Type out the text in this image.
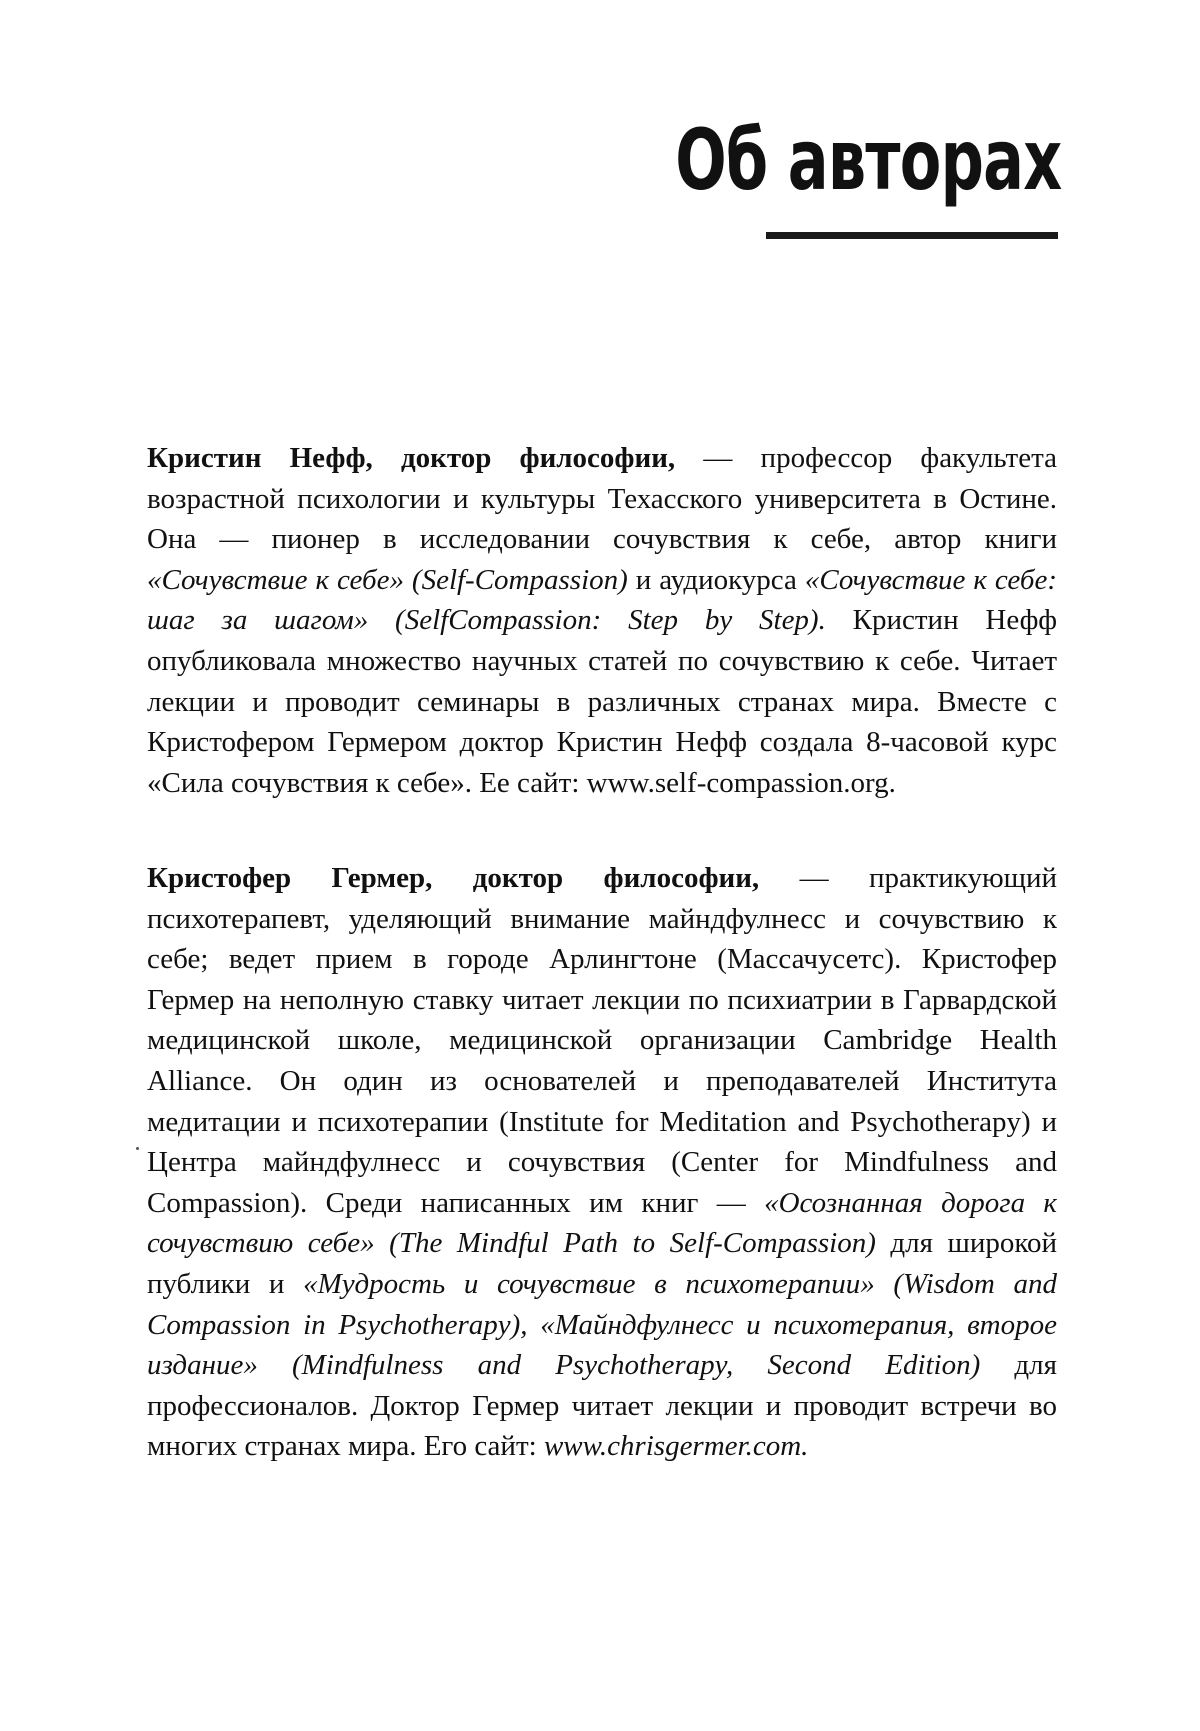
Об авторах

Кристин Нефф, доктор философии, — профессор факультета возрастной психологии и культуры Техасского университета в Остине. Она — пионер в исследовании сочувствия к себе, автор книги «Сочувствие к себе» (Self-Compassion) и аудиокурса «Сочувствие к себе: шаг за шагом» (SelfCompassion: Step by Step). Кристин Нефф опубликовала множество научных статей по сочувствию к себе. Читает лекции и проводит семинары в различных странах мира. Вместе с Кристофером Гермером доктор Кристин Нефф создала 8-часовой курс «Сила сочувствия к себе». Ее сайт: www.self-compassion.org.

Кристофер Гермер, доктор философии, — практикующий психотерапевт, уделяющий внимание майндфулнесс и сочувствию к себе; ведет прием в городе Арлингтоне (Массачусетс). Кристофер Гермер на неполную ставку читает лекции по психиатрии в Гарвардской медицинской школе, медицинской организации Cambridge Health Alliance. Он один из основателей и преподавателей Института медитации и психотерапии (Institute for Meditation and Psychotherapy) и Центра майндфулнесс и сочувствия (Center for Mindfulness and Compassion). Среди написанных им книг — «Осознанная дорога к сочувствию себе» (The Mindful Path to Self-Compassion) для широкой публики и «Мудрость и сочувствие в психотерапии» (Wisdom and Compassion in Psychotherapy), «Майндфулнесс и психотерапия, второе издание» (Mindfulness and Psychotherapy, Second Edition) для профессионалов. Доктор Гермер читает лекции и проводит встречи во многих странах мира. Его сайт: www.chrisgermer.com.
